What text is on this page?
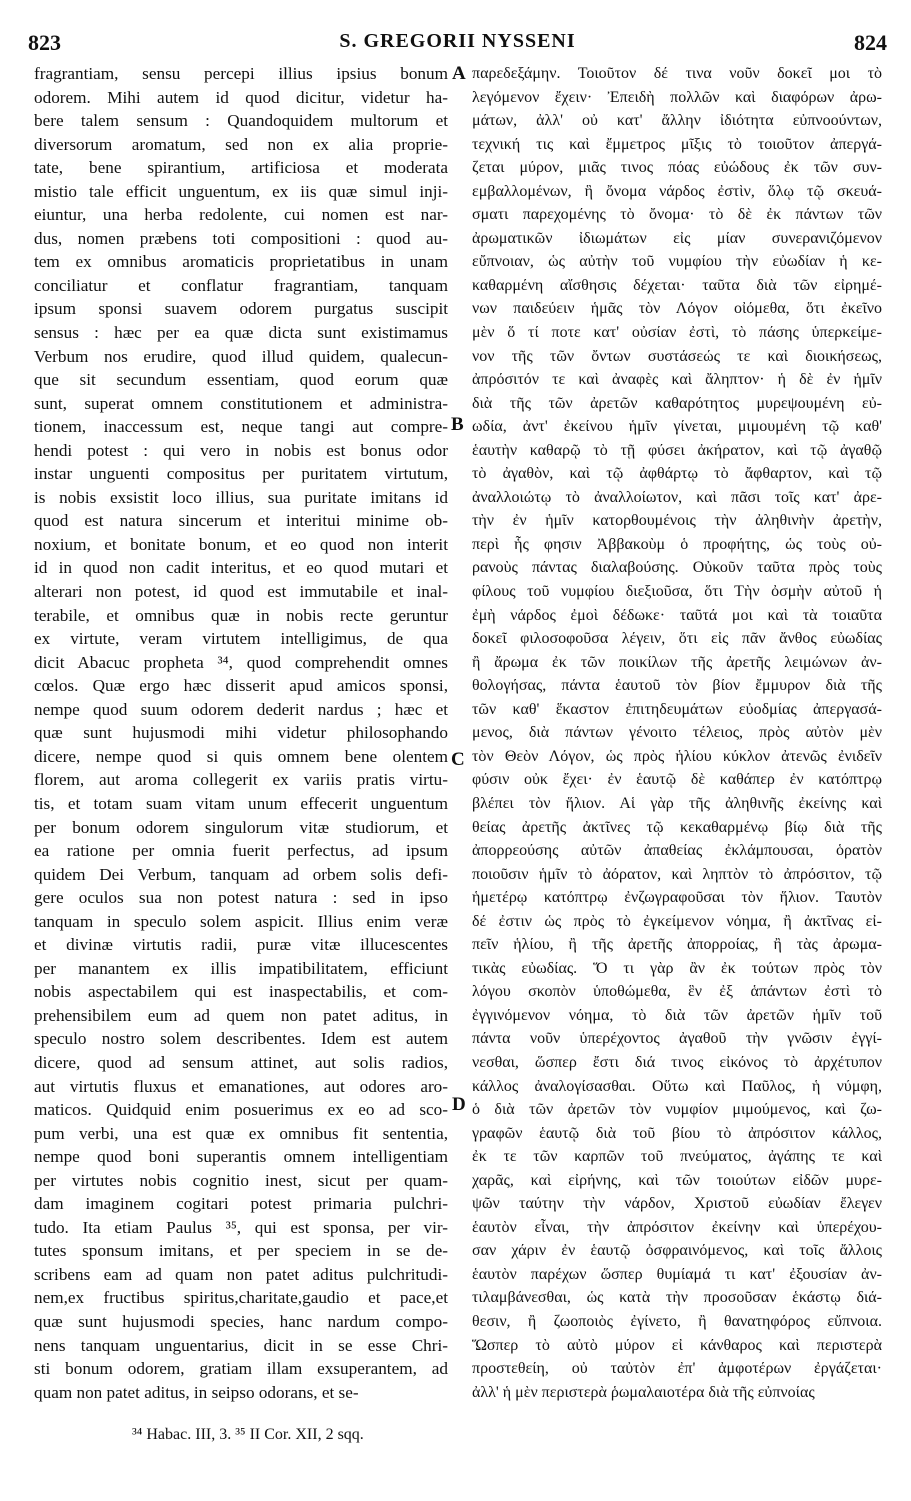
823	S. GREGORII NYSSENI	824
fragrantiam, sensu percepi illius ipsius bonum
odorem. Mihi autem id quod dicitur, videtur ha-
bere talem sensum : Quandoquidem multorum et
diversorum aromatum, sed non ex alia proprie-
tate, bene spirantium, artificiosa et moderata
mistio tale efficit unguentum, ex iis quæ simul inji-
eiuntur, una herba redolente, cui nomen est nar-
dus, nomen præbens toti compositioni : quod au-
tem ex omnibus aromaticis proprietatibus in unam
conciliatur et conflatur fragrantiam, tanquam
ipsum sponsi suavem odorem purgatus suscipit
sensus : hæc per ea quæ dicta sunt existimamus
Verbum nos erudire, quod illud quidem, qualecun-
que sit secundum essentiam, quod eorum quæ
sunt, superat omnem constitutionem et administra-
tionem, inaccessum est, neque tangi aut compre-
hendi potest : qui vero in nobis est bonus odor
instar unguenti compositus per puritatem virtutum,
is nobis exsistit loco illius, sua puritate imitans id
quod est natura sincerum et interitui minime ob-
noxium, et bonitate bonum, et eo quod non interit
id in quod non cadit interitus, et eo quod mutari et
alterari non potest, id quod est immutabile et inal-
terabile, et omnibus quæ in nobis recte geruntur
ex virtute, veram virtutem intelligimus, de qua
dicit Abacuc propheta ³⁴, quod comprehendit omnes
cœlos. Quæ ergo hæc disserit apud amicos sponsi,
nempe quod suum odorem dederit nardus ; hæc et
quæ sunt hujusmodi mihi videtur philosophando
dicere, nempe quod si quis omnem bene olentem
florem, aut aroma collegerit ex variis pratis virtu-
tis, et totam suam vitam unum effecerit unguentum
per bonum odorem singulorum vitæ studiorum, et
ea ratione per omnia fuerit perfectus, ad ipsum
quidem Dei Verbum, tanquam ad orbem solis defi-
gere oculos sua non potest natura : sed in ipso
tanquam in speculo solem aspicit. Illius enim veræ
et divinæ virtutis radii, puræ vitæ illucescentes
per manantem ex illis impatibilitatem, efficiunt
nobis aspectabilem qui est inaspectabilis, et com-
prehensibilem eum ad quem non patet aditus, in
speculo nostro solem describentes. Idem est autem
dicere, quod ad sensum attinet, aut solis radios,
aut virtutis fluxus et emanationes, aut odores aro-
maticos. Quidquid enim posuerimus ex eo ad sco-
pum verbi, una est quæ ex omnibus fit sententia,
nempe quod boni superantis omnem intelligentiam
per virtutes nobis cognitio inest, sicut per quam-
dam imaginem cogitari potest primaria pulchri-
tudo. Ita etiam Paulus ³⁵, qui est sponsa, per vir-
tutes sponsum imitans, et per speciem in se de-
scribens eam ad quam non patet aditus pulchritudi-
nem,ex fructibus spiritus,charitate,gaudio et pace,et
quæ sunt hujusmodi species, hanc nardum compo-
nens tanquam unguentarius, dicit in se esse Chri-
sti bonum odorem, gratiam illam exsuperantem, ad
quam non patet aditus, in seipso odorans, et se-
A
B
C
D
παρεδεξάμην. Τοιοῦτον δέ τινα νοῦν δοκεῖ μοι τὸ
λεγόμενον ἔχειν· Ἐπειδὴ πολλῶν καὶ διαφόρων ἀρω-
μάτων, ἀλλ' οὐ κατ' ἄλλην ἰδιότητα εὐπνοούντων,
τεχνική τις καὶ ἔμμετρος μῖξις τὸ τοιοῦτον ἀπεργά-
ζεται μύρον, μιᾶς τινος πόας εὐώδους ἐκ τῶν συν-
εμβαλλομένων, ἣ ὄνομα νάρδος ἐστὶν, ὅλῳ τῷ σκευά-
σματι παρεχομένης τὸ ὄνομα· τὸ δὲ ἐκ πάντων τῶν
ἀρωματικῶν ἰδιωμάτων εἰς μίαν συνερανιζόμενον
εὔπνοιαν, ὡς αὐτὴν τοῦ νυμφίου τὴν εὐωδίαν ἡ κε-
καθαρμένη αἴσθησις δέχεται· ταῦτα διὰ τῶν εἰρημέ-
νων παιδεύειν ἡμᾶς τὸν Λόγον οἰόμεθα, ὅτι ἐκεῖνο
μὲν ὅ τί ποτε κατ' οὐσίαν ἐστὶ, τὸ πάσης ὑπερκείμε-
νον τῆς τῶν ὄντων συστάσεώς τε καὶ διοικήσεως,
ἀπρόσιτόν τε καὶ ἀναφὲς καὶ ἄληπτον· ἡ δὲ ἐν ἡμῖν
διὰ τῆς τῶν ἀρετῶν καθαρότητος μυρεψουμένη εὐ-
ωδία, ἀντ' ἐκείνου ἡμῖν γίνεται, μιμουμένη τῷ καθ'
ἑαυτὴν καθαρῷ τὸ τῇ φύσει ἀκήρατον, καὶ τῷ ἀγαθῷ
τὸ ἀγαθὸν, καὶ τῷ ἀφθάρτῳ τὸ ἄφθαρτον, καὶ τῷ
ἀναλλοιώτῳ τὸ ἀναλλοίωτον, καὶ πᾶσι τοῖς κατ' ἀρε-
τὴν ἐν ἡμῖν κατορθουμένοις τὴν ἀληθινὴν ἀρετὴν,
περὶ ἧς φησιν Ἀββακοὺμ ὁ προφήτης, ὡς τοὺς οὐ-
ρανοὺς πάντας διαλαβούσης. Οὐκοῦν ταῦτα πρὸς τοὺς
φίλους τοῦ νυμφίου διεξιοῦσα, ὅτι Τὴν ὀσμὴν αὐτοῦ ἡ
ἐμὴ νάρδος ἐμοὶ δέδωκε· ταῦτά μοι καὶ τὰ τοιαῦτα
δοκεῖ φιλοσοφοῦσα λέγειν, ὅτι εἰς πᾶν ἄνθος εὐωδίας
ἢ ἄρωμα ἐκ τῶν ποικίλων τῆς ἀρετῆς λειμώνων ἀν-
θολογήσας, πάντα ἑαυτοῦ τὸν βίον ἔμμυρον διὰ τῆς
τῶν καθ' ἕκαστον ἐπιτηδευμάτων εὐοδμίας ἀπεργασά-
μενος, διὰ πάντων γένοιτο τέλειος, πρὸς αὐτὸν μὲν
τὸν Θεὸν Λόγον, ὡς πρὸς ἡλίου κύκλον ἀτενῶς ἐνιδεῖν
φύσιν οὐκ ἔχει· ἐν ἑαυτῷ δὲ καθάπερ ἐν κατόπτρῳ
βλέπει τὸν ἥλιον. Αἱ γὰρ τῆς ἀληθινῆς ἐκείνης καὶ
θείας ἀρετῆς ἀκτῖνες τῷ κεκαθαρμένῳ βίῳ διὰ τῆς
ἀπορρεούσης αὐτῶν ἀπαθείας ἐκλάμπουσαι, ὁρατὸν
ποιοῦσιν ἡμῖν τὸ ἀόρατον, καὶ ληπτὸν τὸ ἀπρόσιτον, τῷ
ἡμετέρῳ κατόπτρῳ ἐνζωγραφοῦσαι τὸν ἥλιον. Ταυτὸν
δέ ἐστιν ὡς πρὸς τὸ ἐγκείμενον νόημα, ἢ ἀκτῖνας εἰ-
πεῖν ἡλίου, ἢ τῆς ἀρετῆς ἀπορροίας, ἢ τὰς ἀρωμα-
τικὰς εὐωδίας. Ὅ τι γὰρ ἂν ἐκ τούτων πρὸς τὸν
λόγου σκοπὸν ὑποθώμεθα, ἓν ἐξ ἁπάντων ἐστὶ τὸ
ἐγγινόμενον νόημα, τὸ διὰ τῶν ἀρετῶν ἡμῖν τοῦ
πάντα νοῦν ὑπερέχοντος ἀγαθοῦ τὴν γνῶσιν ἐγγί-
νεσθαι, ὥσπερ ἔστι διά τινος εἰκόνος τὸ ἀρχέτυπον
κάλλος ἀναλογίσασθαι. Οὕτω καὶ Παῦλος, ἡ νύμφη,
ὁ διὰ τῶν ἀρετῶν τὸν νυμφίον μιμούμενος, καὶ ζω-
γραφῶν ἑαυτῷ διὰ τοῦ βίου τὸ ἀπρόσιτον κάλλος,
ἐκ τε τῶν καρπῶν τοῦ πνεύματος, ἀγάπης τε καὶ
χαρᾶς, καὶ εἰρήνης, καὶ τῶν τοιούτων εἰδῶν μυρε-
ψῶν ταύτην τὴν νάρδον, Χριστοῦ εὐωδίαν ἔλεγεν
ἑαυτὸν εἶναι, τὴν ἀπρόσιτον ἐκείνην καὶ ὑπερέχου-
σαν χάριν ἐν ἑαυτῷ ὀσφραινόμενος, καὶ τοῖς ἄλλοις
ἑαυτὸν παρέχων ὥσπερ θυμίαμά τι κατ' ἐξουσίαν ἀν-
τιλαμβάνεσθαι, ὡς κατὰ τὴν προσοῦσαν ἑκάστῳ διά-
θεσιν, ἢ ζωοποιὸς ἐγίνετο, ἢ θανατηφόρος εὔπνοια.
Ὥσπερ τὸ αὐτὸ μύρον εἰ κάνθαρος καὶ περιστερὰ
προστεθείη, οὐ ταὐτὸν ἐπ' ἀμφοτέρων ἐργάζεται·
ἀλλ' ἡ μὲν περιστερὰ ῥωμαλαιοτέρα διὰ τῆς εὐπνοίας
³⁴ Habac. III, 3. ³⁵ II Cor. XII, 2 sqq.
